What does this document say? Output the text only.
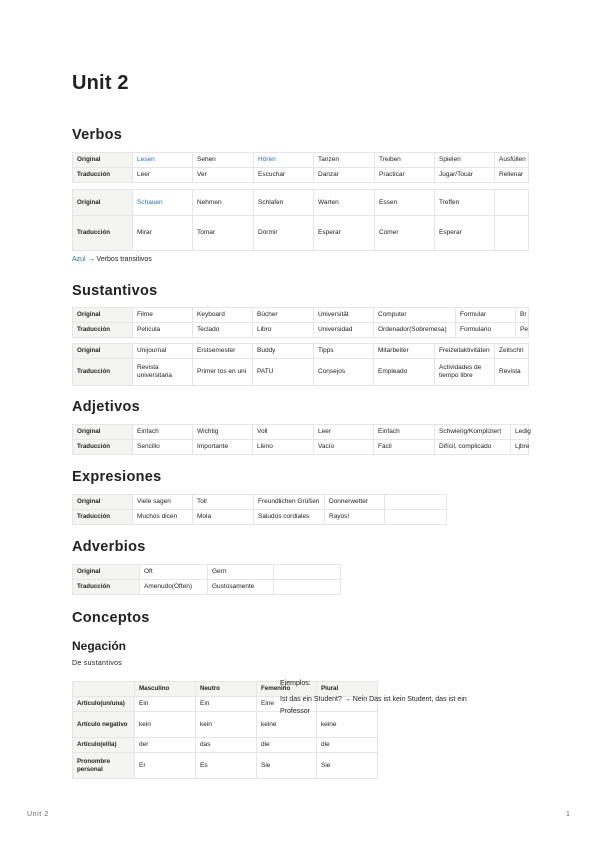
Unit 2
Verbos
Original	Lesen	Sehen	Hören	Tanzen	Treiben	Spielen	Ausfüllen
Traducción	Leer	Ver	Escuchar	Danzar	Practicar	Jugar/Tocar	Rellenar
Original	Schauen	Nehmen	Schlafen	Warten	Essen	Treffen	
Traducción	Mirar	Tomar	Dormir	Esperar	Comer	Esperar	
Azul → Verbos transitivos
Sustantivos
Original	Filme	Keyboard	Bücher	Universität	Computer	Formular	Br
Traducción	Película	Teclado	Libro	Universidad	Ordenador(Sobremesa)	Formulario	Pe
Original	Unijournal	Erstsemester	Buddy	Tipps	Mitarbeiter	Freizeitaktivitäten	Zeitschri
Traducción	Revista universitaria	Primer tos en uni	PATU	Consejos	Empleado	Actividades de tiempo libre	Revista
Adjetivos
Original	Einfach	Wichtig	Voll	Leer	Einfach	Schwierig/Kompliziert	Ledig
Traducción	Sencillo	Importante	Lleno	Vacío	Fácil	Difícil, complicado	Ljbre
Expresiones
Original	Viele sagen	Toll	Freundlichen Grüßen	Donnerwetter	
Traducción	Muchos dicen	Mola	Saludos cordiales	Rayos!	
Adverbios
Original	Oft	Gern	
Traducción	Amenudo(Often)	Gustosamente	
Conceptos
Negación
De sustantivos
	Masculino	Neutro	Femenino	Plural
Artículo(un/una)	Ein	Ein	Eine	
Artículo negativo	kein	kein	keine	keine
Artículo(el/la)	der	das	die	die
Pronombre personal	Er	Es	Sie	Sie
Ejemplos:
Ist das ein Student? → Nein Das ist kein Student, das ist ein
Professor
Unit 2	1
